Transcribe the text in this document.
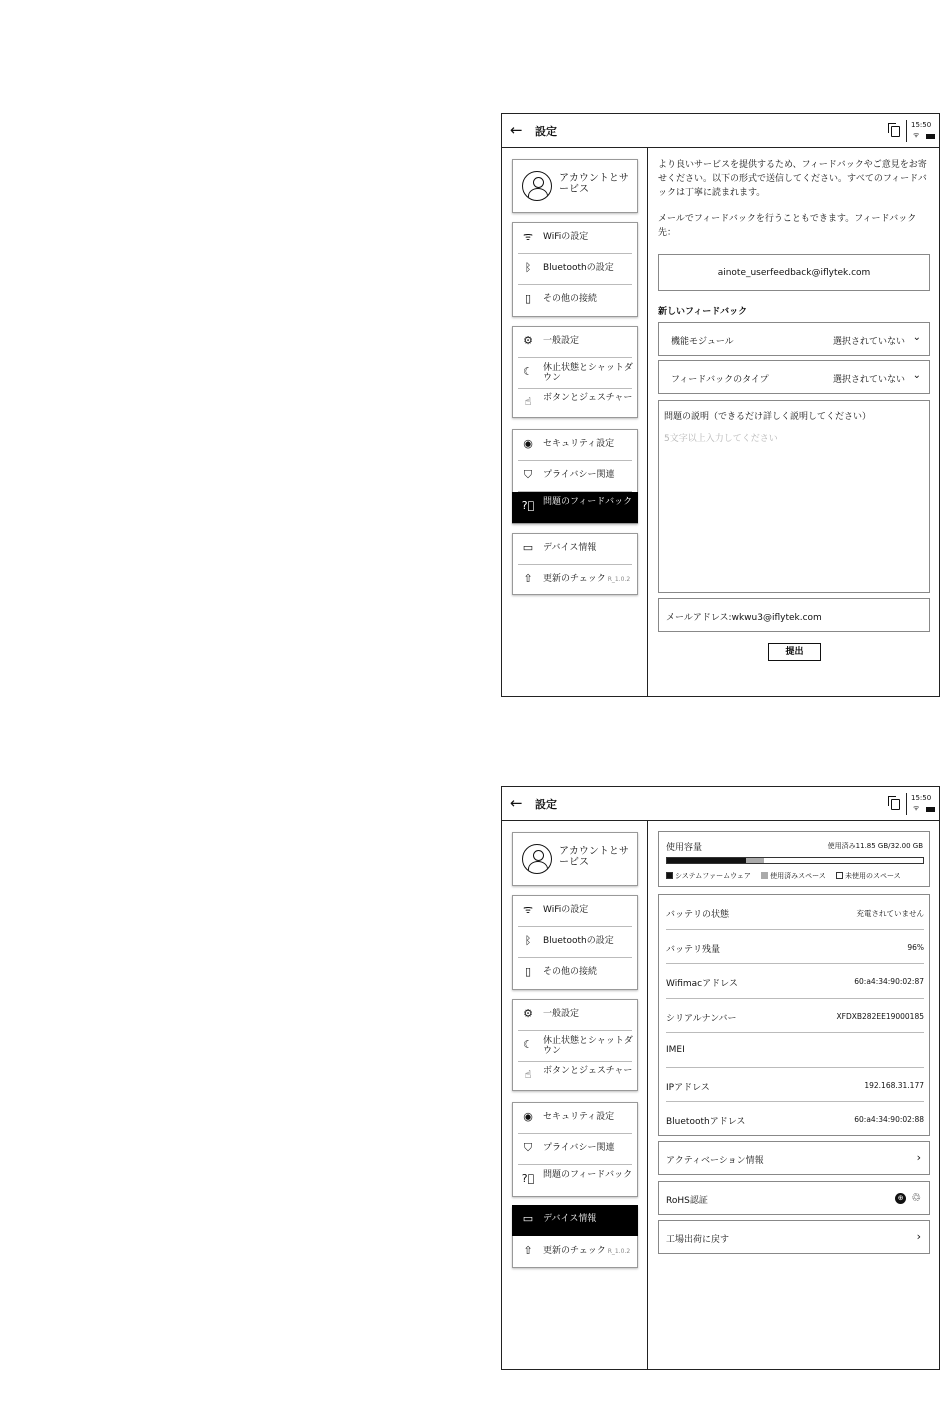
← 設定	15:50
ᯤ
アカウントとサービス
ᯤ WiFiの設定
ᛒ	Bluetoothの設定
▯	その他の接続
⚙ 一般設定
☾ 休止状態とシャットダウン
☝	ボタンとジェスチャー
◉ セキュリティ設定
⛉	プライバシー関連
?⃝ 問題のフィードバック
▭ デバイス情報
⇧ 更新のチェック R_1.0.2
より良いサービスを提供するため、フィードバックやご意見をお寄せください。以下の形式で送信してください。すべてのフィードバックは丁寧に読まれます。
メールでフィードバックを行うこともできます。フィードバック先：
ainote_userfeedback@iflytek.com
新しいフィードバック
機能モジュール	選択されていない ⌄
フィードバックのタイプ	選択されていない ⌄
問題の説明（できるだけ詳しく説明してください）
5文字以上入力してください
メールアドレス:wkwu3@iflytek.com
提出
← 設定	15:50
ᯤ
アカウントとサービス
ᯤ WiFiの設定
ᛒ	Bluetoothの設定
▯	その他の接続
⚙ 一般設定
☾ 休止状態とシャットダウン
☝	ボタンとジェスチャー
◉ セキュリティ設定
⛉	プライバシー関連
?⃝ 問題のフィードバック
▭ デバイス情報
⇧ 更新のチェック R_1.0.2
使用容量	使用済み11.85 GB/32.00 GB
システムファームウェア	使用済みスペース	未使用のスペース
バッテリの状態	充電されていません
バッテリ残量	96%
Wifimacアドレス	60:a4:34:90:02:87
シリアルナンバー	XFDXB282EE19000185
IMEI
IPアドレス	192.168.31.177
Bluetoothアドレス	60:a4:34:90:02:88
アクティベーション情報	›
RoHS認証	⊕ ♲
工場出荷に戻す	›
